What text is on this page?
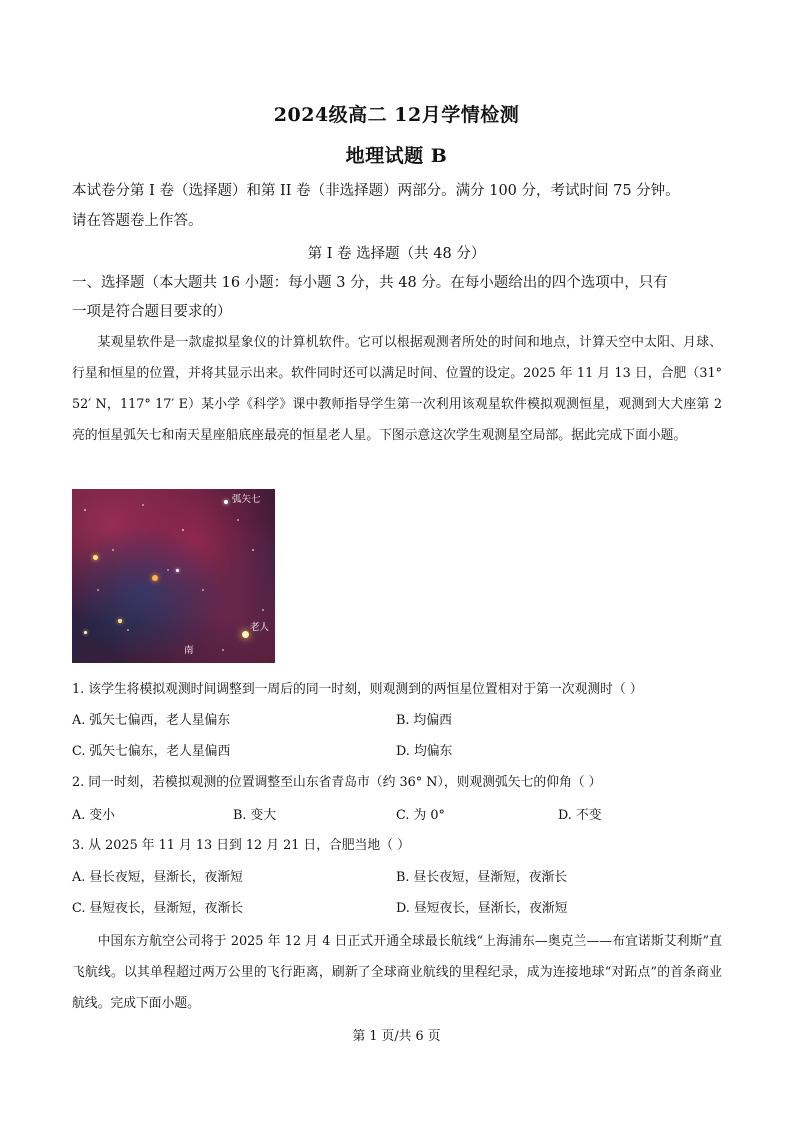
2024级高二 12月学情检测
地理试题 B
本试卷分第 I 卷（选择题）和第 II 卷（非选择题）两部分。满分 100 分，考试时间 75 分钟。
请在答题卷上作答。
第 I 卷 选择题（共 48 分）
一、选择题（本大题共 16 小题：每小题 3 分，共 48 分。在每小题给出的四个选项中，只有
一项是符合题目要求的）
某观星软件是一款虚拟星象仪的计算机软件。它可以根据观测者所处的时间和地点，计算天空中太阳、月球、行星和恒星的位置，并将其显示出来。软件同时还可以满足时间、位置的设定。2025 年 11 月 13 日，合肥（31° 52′ N，117° 17′ E）某小学《科学》课中教师指导学生第一次利用该观星软件模拟观测恒星，观测到大犬座第 2 亮的恒星弧矢七和南天星座船底座最亮的恒星老人星。下图示意这次学生观测星空局部。据此完成下面小题。
弧矢七
老人
南
1. 该学生将模拟观测时间调整到一周后的同一时刻，则观测到的两恒星位置相对于第一次观测时（ ）
A. 弧矢七偏西，老人星偏东	B. 均偏西
C. 弧矢七偏东，老人星偏西	D. 均偏东
2. 同一时刻，若模拟观测的位置调整至山东省青岛市（约 36° N），则观测弧矢七的仰角（ ）
A. 变小	B. 变大	C. 为 0°	D. 不变
3. 从 2025 年 11 月 13 日到 12 月 21 日，合肥当地（ ）
A. 昼长夜短，昼渐长，夜渐短	B. 昼长夜短，昼渐短，夜渐长
C. 昼短夜长，昼渐短，夜渐长	D. 昼短夜长，昼渐长，夜渐短
中国东方航空公司将于 2025 年 12 月 4 日正式开通全球最长航线“上海浦东—奥克兰——布宜诺斯艾利斯”直飞航线。以其单程超过两万公里的飞行距离，刷新了全球商业航线的里程纪录，成为连接地球“对跖点”的首条商业航线。完成下面小题。
第 1 页/共 6 页
